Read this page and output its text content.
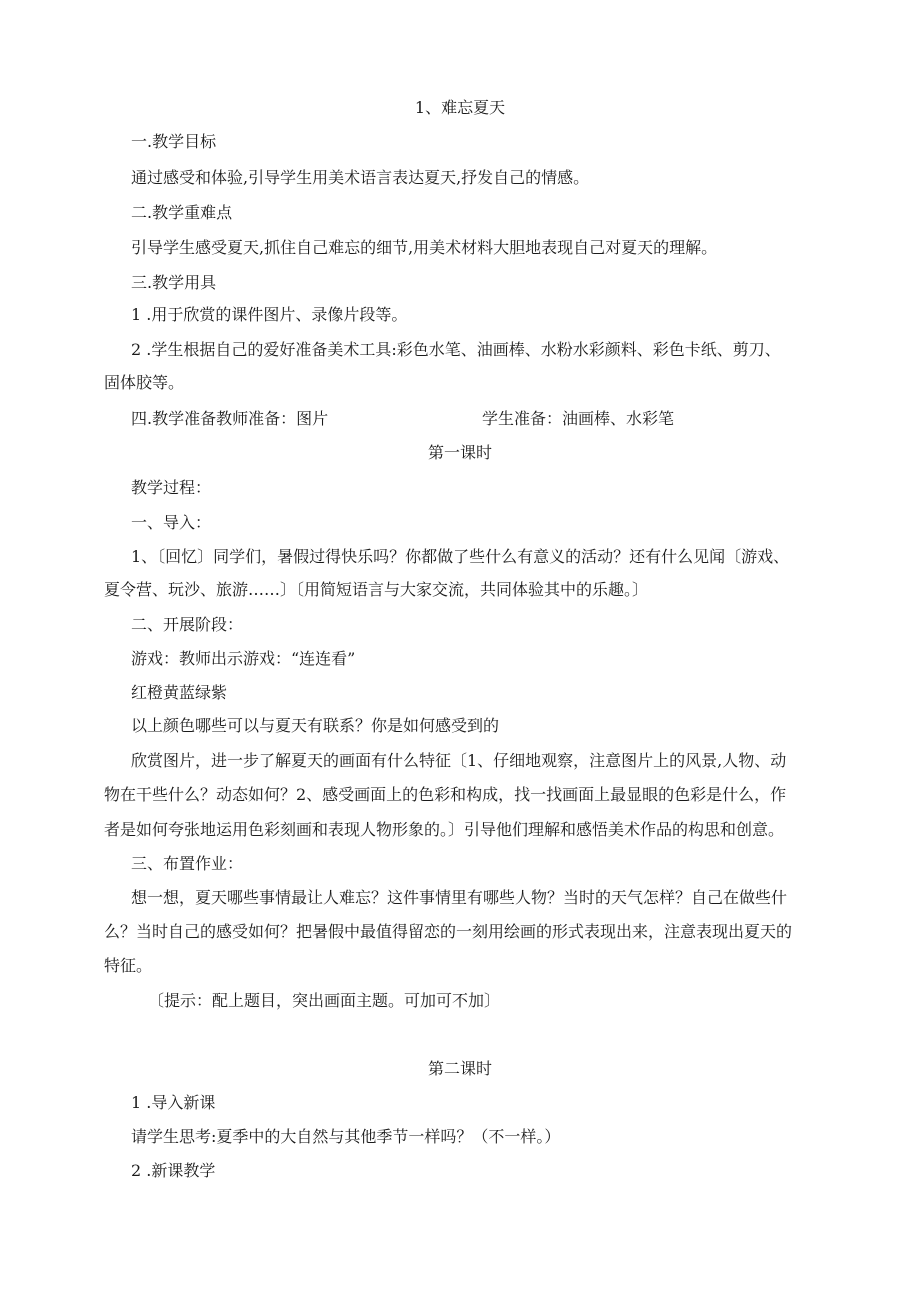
1、难忘夏天
一.教学目标
通过感受和体验,引导学生用美术语言表达夏天,抒发自己的情感。
二.教学重难点
引导学生感受夏天,抓住自己难忘的细节,用美术材料大胆地表现自己对夏天的理解。
三.教学用具
1 .用于欣赏的课件图片、录像片段等。
2 .学生根据自己的爱好准备美术工具:彩色水笔、油画棒、水粉水彩颜料、彩色卡纸、剪刀、
固体胶等。
四.教学准备教师准备：图片	学生准备：油画棒、水彩笔
第一课时
教学过程：
一、导入：
1、〔回忆〕同学们，暑假过得快乐吗？你都做了些什么有意义的活动？还有什么见闻〔游戏、
夏令营、玩沙、旅游……〕〔用简短语言与大家交流，共同体验其中的乐趣。〕
二、开展阶段：
游戏：教师出示游戏：“连连看”
红橙黄蓝绿紫
以上颜色哪些可以与夏天有联系？你是如何感受到的
欣赏图片，进一步了解夏天的画面有什么特征〔1、仔细地观察，注意图片上的风景,人物、动
物在干些什么？动态如何？2、感受画面上的色彩和构成，找一找画面上最显眼的色彩是什么，作
者是如何夸张地运用色彩刻画和表现人物形象的。〕引导他们理解和感悟美术作品的构思和创意。
三、布置作业：
想一想，夏天哪些事情最让人难忘？这件事情里有哪些人物？当时的天气怎样？自己在做些什
么？当时自己的感受如何？把暑假中最值得留恋的一刻用绘画的形式表现出来，注意表现出夏天的
特征。
〔提示：配上题目，突出画面主题。可加可不加〕
第二课时
1 .导入新课
请学生思考:夏季中的大自然与其他季节一样吗？（不一样。）
2 .新课教学
